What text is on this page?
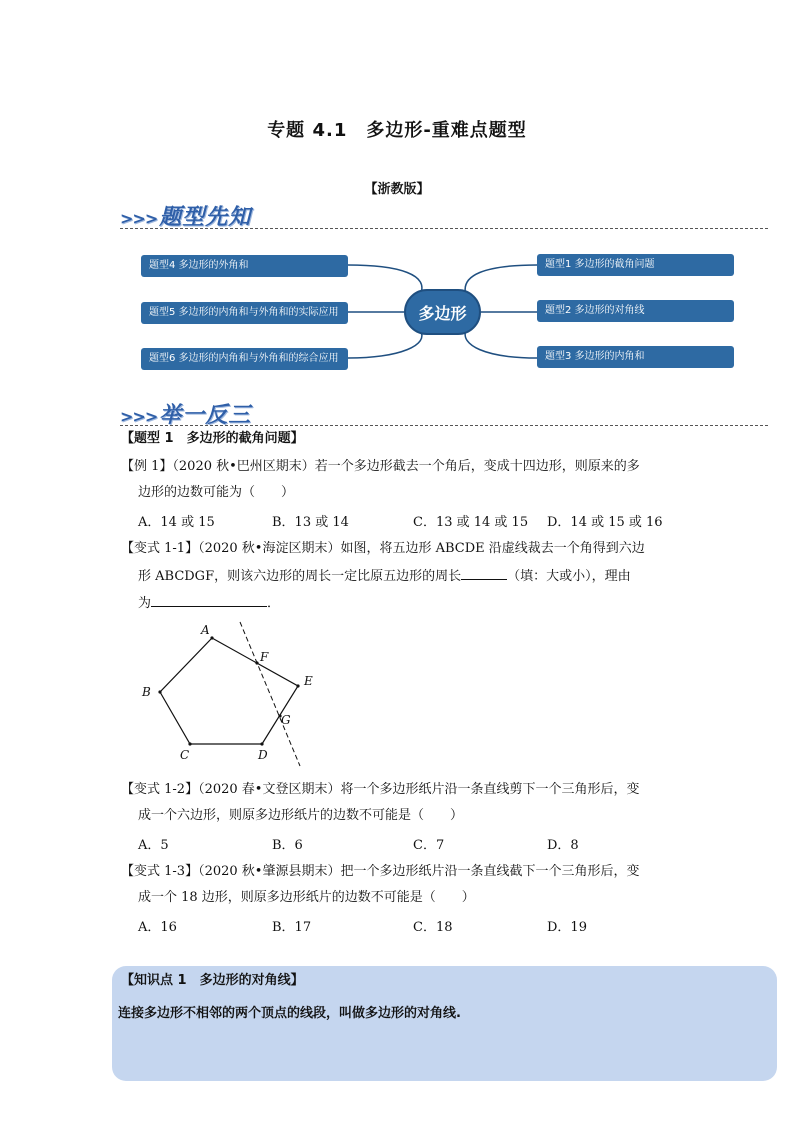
专题 4.1　多边形-重难点题型
【浙教版】
>>>题型先知
题型4 多边形的外角和
题型5 多边形的内角和与外角和的实际应用
题型6 多边形的内角和与外角和的综合应用
题型1 多边形的截角问题
题型2 多边形的对角线
题型3 多边形的内角和
多边形
>>>举一反三
【题型 1　多边形的截角问题】
【例 1】（2020 秋•巴州区期末）若一个多边形截去一个角后，变成十四边形，则原来的多
边形的边数可能为（　　）
A．14 或 15	B．13 或 14	C．13 或 14 或 15 D．14 或 15 或 16
【变式 1-1】（2020 秋•海淀区期末）如图，将五边形 ABCDE 沿虚线裁去一个角得到六边
形 ABCDGF，则该六边形的周长一定比原五边形的周长	（填：大或小），理由
为	．
A
B
C	D
E
F
G
【变式 1-2】（2020 春•文登区期末）将一个多边形纸片沿一条直线剪下一个三角形后，变
成一个六边形，则原多边形纸片的边数不可能是（　　）
A．5	B．6	C．7	D．8
【变式 1-3】（2020 秋•肇源县期末）把一个多边形纸片沿一条直线截下一个三角形后，变
成一个 18 边形，则原多边形纸片的边数不可能是（　　）
A．16	B．17	C．18	D．19
【知识点 1　多边形的对角线】
连接多边形不相邻的两个顶点的线段，叫做多边形的对角线.
